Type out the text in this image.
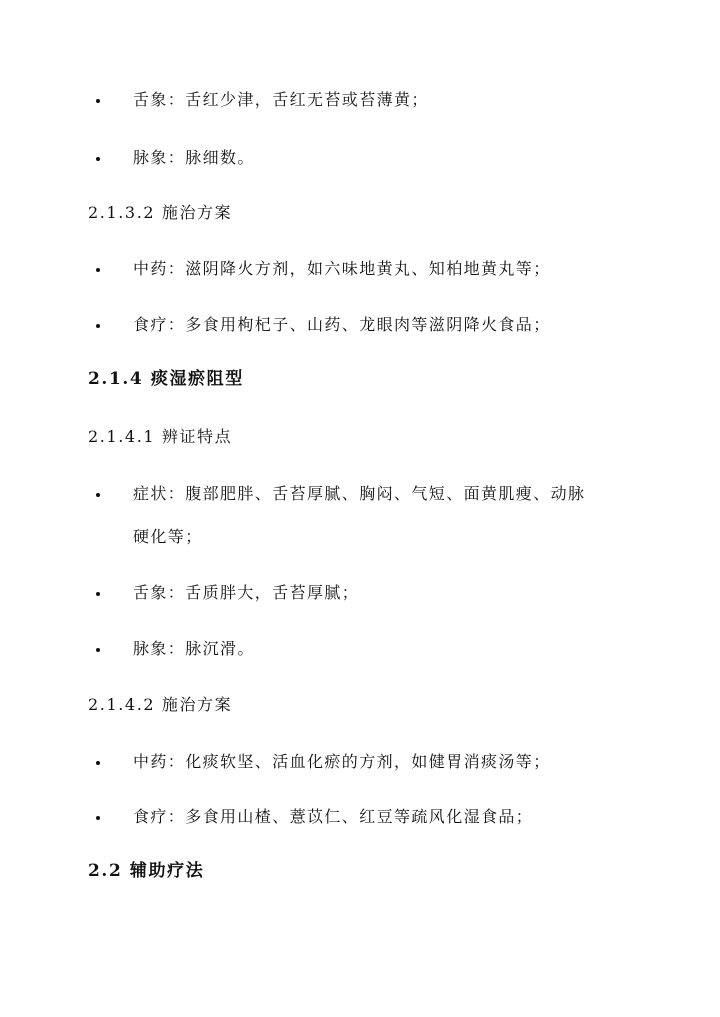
舌象：舌红少津，舌红无苔或苔薄黄；
脉象：脉细数。
2.1.3.2 施治方案
中药：滋阴降火方剂，如六味地黄丸、知柏地黄丸等；
食疗：多食用枸杞子、山药、龙眼肉等滋阴降火食品；
2.1.4 痰湿瘀阻型
2.1.4.1 辨证特点
症状：腹部肥胖、舌苔厚腻、胸闷、气短、面黄肌瘦、动脉
硬化等；
舌象：舌质胖大，舌苔厚腻；
脉象：脉沉滑。
2.1.4.2 施治方案
中药：化痰软坚、活血化瘀的方剂，如健胃消痰汤等；
食疗：多食用山楂、薏苡仁、红豆等疏风化湿食品；
2.2 辅助疗法
